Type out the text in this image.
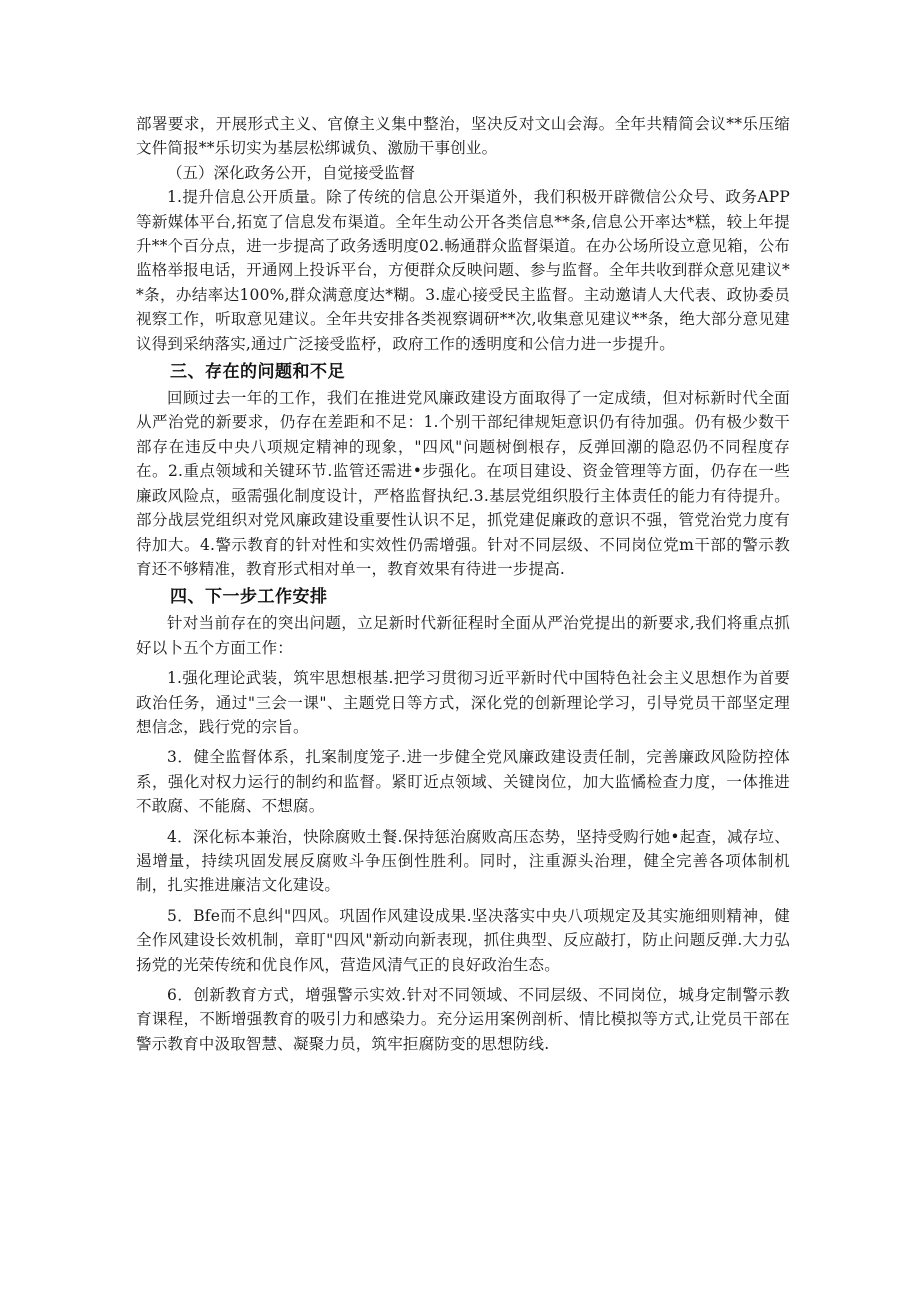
部署要求，开展形式主义、官僚主义集中整治，坚决反对文山会海。全年共精简会议**乐压缩文件简报**乐切实为基层松绑诚负、激励干事创业。

（五）深化政务公开，自觉接受监督

1.提升信息公开质量。除了传统的信息公开渠道外，我们积极开辟微信公众号、政务APP等新媒体平台,拓宽了信息发布渠道。全年生动公开各类信息**条,信息公开率达*糕，较上年提升**个百分点，进一步提高了政务透明度02.畅通群众监督渠道。在办公场所设立意见箱，公布监格举报电话，开通网上投诉平台，方便群众反映问题、参与监督。全年共收到群众意见建议**条，办结率达100%,群众满意度达*糊。3.虚心接受民主监督。主动邀请人大代表、政协委员视察工作，听取意见建议。全年共安排各类视察调研**次,收集意见建议**条，绝大部分意见建议得到采纳落实,通过广泛接受监杼，政府工作的透明度和公信力进一步提升。

三、存在的问题和不足

回顾过去一年的工作，我们在推进党风廉政建设方面取得了一定成绩，但对标新时代全面从严治党的新要求，仍存在差距和不足：1.个别干部纪律规矩意识仍有待加强。仍有极少数干部存在违反中央八项规定精神的现象，"四风"问题树倒根存，反弹回潮的隐忍仍不同程度存在。2.重点领域和关键环节.监管还需进•步强化。在项目建设、资金管理等方面，仍存在一些廉政风险点，亟需强化制度设计，严格监督执纪.3.基层党组织股行主体责任的能力有待提升。部分战层党组织对党风廉政建设重要性认识不足，抓党建促廉政的意识不强，管党治党力度有待加大。4.警示教育的针对性和实效性仍需增强。针对不同层级、不同岗位党m干部的警示教育还不够精准，教育形式相对单一，教育效果有待进一步提高.

四、下一步工作安排

针对当前存在的突出问题，立足新时代新征程时全面从严治党提出的新要求,我们将重点抓好以卜五个方面工作：

1.强化理论武装，筑牢思想根基.把学习贯彻习近平新时代中国特色社会主义思想作为首要政治任务，通过"三会一课"、主题党日等方式，深化党的创新理论学习，引导党员干部坚定理想信念，践行党的宗旨。

3．健全监督体系，扎案制度笼子.进一步健全党风廉政建设责任制，完善廉政风险防控体系，强化对权力运行的制约和监督。紧盯近点领域、关键岗位，加大监憰检查力度，一体推进不敢腐、不能腐、不想腐。

4．深化标本兼治，快除腐败土餐.保持惩治腐败高压态势，坚持受购行她•起查，减存垃、遏增量，持续巩固发展反腐败斗争压倒性胜利。同时，注重源头治理，健全完善各项体制机制，扎实推进廉洁文化建设。

5．Bfe而不息纠"四风。巩固作风建设成果.坚决落实中央八项规定及其实施细则精神，健全作风建设长效机制，章盯"四风"新动向新表现，抓住典型、反应敲打，防止问题反弹.大力弘扬党的光荣传统和优良作风，营造风清气正的良好政治生态。

6．创新教育方式，增强警示实效.针对不同领域、不同层级、不同岗位，城身定制警示教育课程，不断增强教育的吸引力和感染力。充分运用案例剖析、情比模拟等方式,让党员干部在警示教育中汲取智慧、凝聚力员，筑牢拒腐防变的思想防线.
